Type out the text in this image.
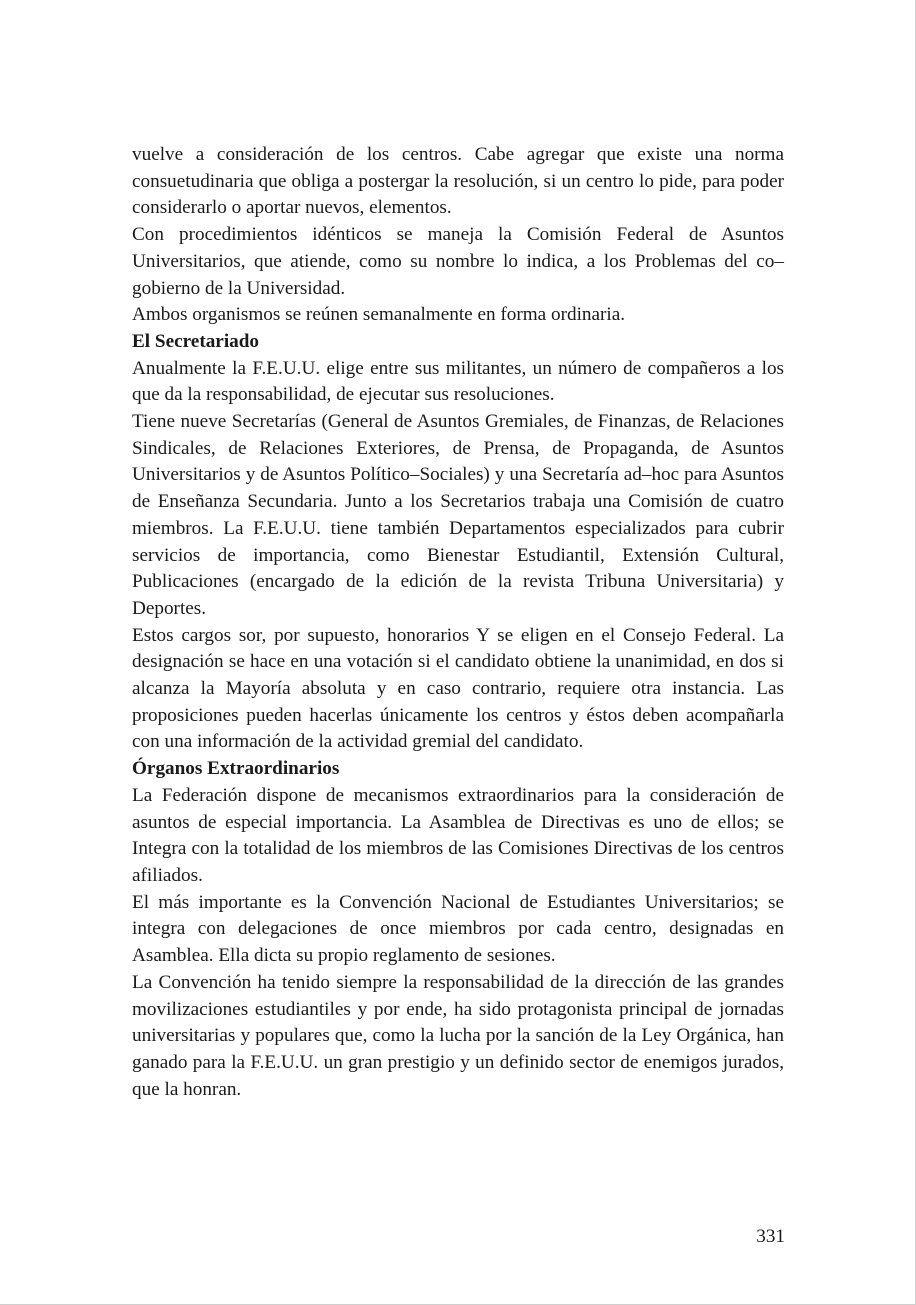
vuelve a consideración de los centros. Cabe agregar que existe una norma consuetudinaria que obliga a postergar la resolución, si un centro lo pide, para poder considerarlo o aportar nuevos, elementos.

Con procedimientos idénticos se maneja la Comisión Federal de Asuntos Universitarios, que atiende, como su nombre lo indica, a los Problemas del co–gobierno de la Universidad.

Ambos organismos se reúnen semanalmente en forma ordinaria.

El Secretariado

Anualmente la F.E.U.U. elige entre sus militantes, un número de compañeros a los que da la responsabilidad, de ejecutar sus resoluciones.

Tiene nueve Secretarías (General de Asuntos Gremiales, de Finanzas, de Relaciones Sindicales, de Relaciones Exteriores, de Prensa, de Propaganda, de Asuntos Universitarios y de Asuntos Político–Sociales) y una Secretaría ad–hoc para Asuntos de Enseñanza Secundaria. Junto a los Secretarios trabaja una Comisión de cuatro miembros. La F.E.U.U. tiene también Departamentos especializados para cubrir servicios de importancia, como Bienestar Estudiantil, Extensión Cultural, Publicaciones (encargado de la edición de la revista Tribuna Universitaria) y Deportes.

Estos cargos sor, por supuesto, honorarios Y se eligen en el Consejo Federal. La designación se hace en una votación si el candidato obtiene la unanimidad, en dos si alcanza la Mayoría absoluta y en caso contrario, requiere otra instancia. Las proposiciones pueden hacerlas únicamente los centros y éstos deben acompañarla con una información de la actividad gremial del candidato.

Órganos Extraordinarios

La Federación dispone de mecanismos extraordinarios para la consideración de asuntos de especial importancia. La Asamblea de Directivas es uno de ellos; se Integra con la totalidad de los miembros de las Comisiones Directivas de los centros afiliados.

El más importante es la Convención Nacional de Estudiantes Universitarios; se integra con delegaciones de once miembros por cada centro, designadas en Asamblea. Ella dicta su propio reglamento de sesiones.

La Convención ha tenido siempre la responsabilidad de la dirección de las grandes movilizaciones estudiantiles y por ende, ha sido protagonista principal de jornadas universitarias y populares que, como la lucha por la sanción de la Ley Orgánica, han ganado para la F.E.U.U. un gran prestigio y un definido sector de enemigos jurados, que la honran.

331
